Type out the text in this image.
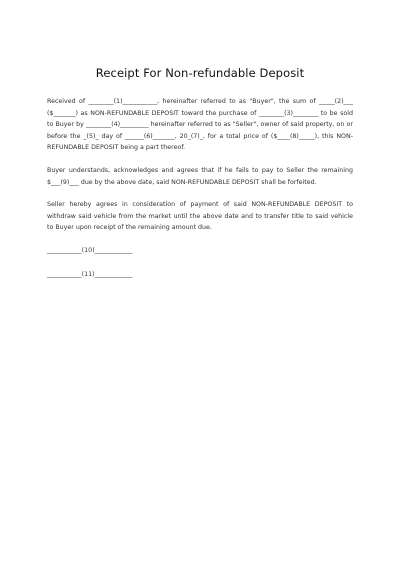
Receipt For Non-refundable Deposit

Received of ________(1)___________, hereinafter referred to as "Buyer", the sum of _____(2)___ ($_______) as NON-REFUNDABLE DEPOSIT toward the purchase of ________(3)________ to be sold to Buyer by ________(4)_________ hereinafter referred to as "Seller", owner of said property, on or before the _(5)_ day of ______(6)_______, 20_(7)_, for a total price of ($____(8)_____), this NON-REFUNDABLE DEPOSIT being a part thereof.

Buyer understands, acknowledges and agrees that if he fails to pay to Seller the remaining $___(9)___ due by the above date, said NON-REFUNDABLE DEPOSIT shall be forfeited.

Seller hereby agrees in consideration of payment of said NON-REFUNDABLE DEPOSIT to withdraw said vehicle from the market until the above date and to transfer title to said vehicle to Buyer upon receipt of the remaining amount due.

___________(10)____________

___________(11)____________
